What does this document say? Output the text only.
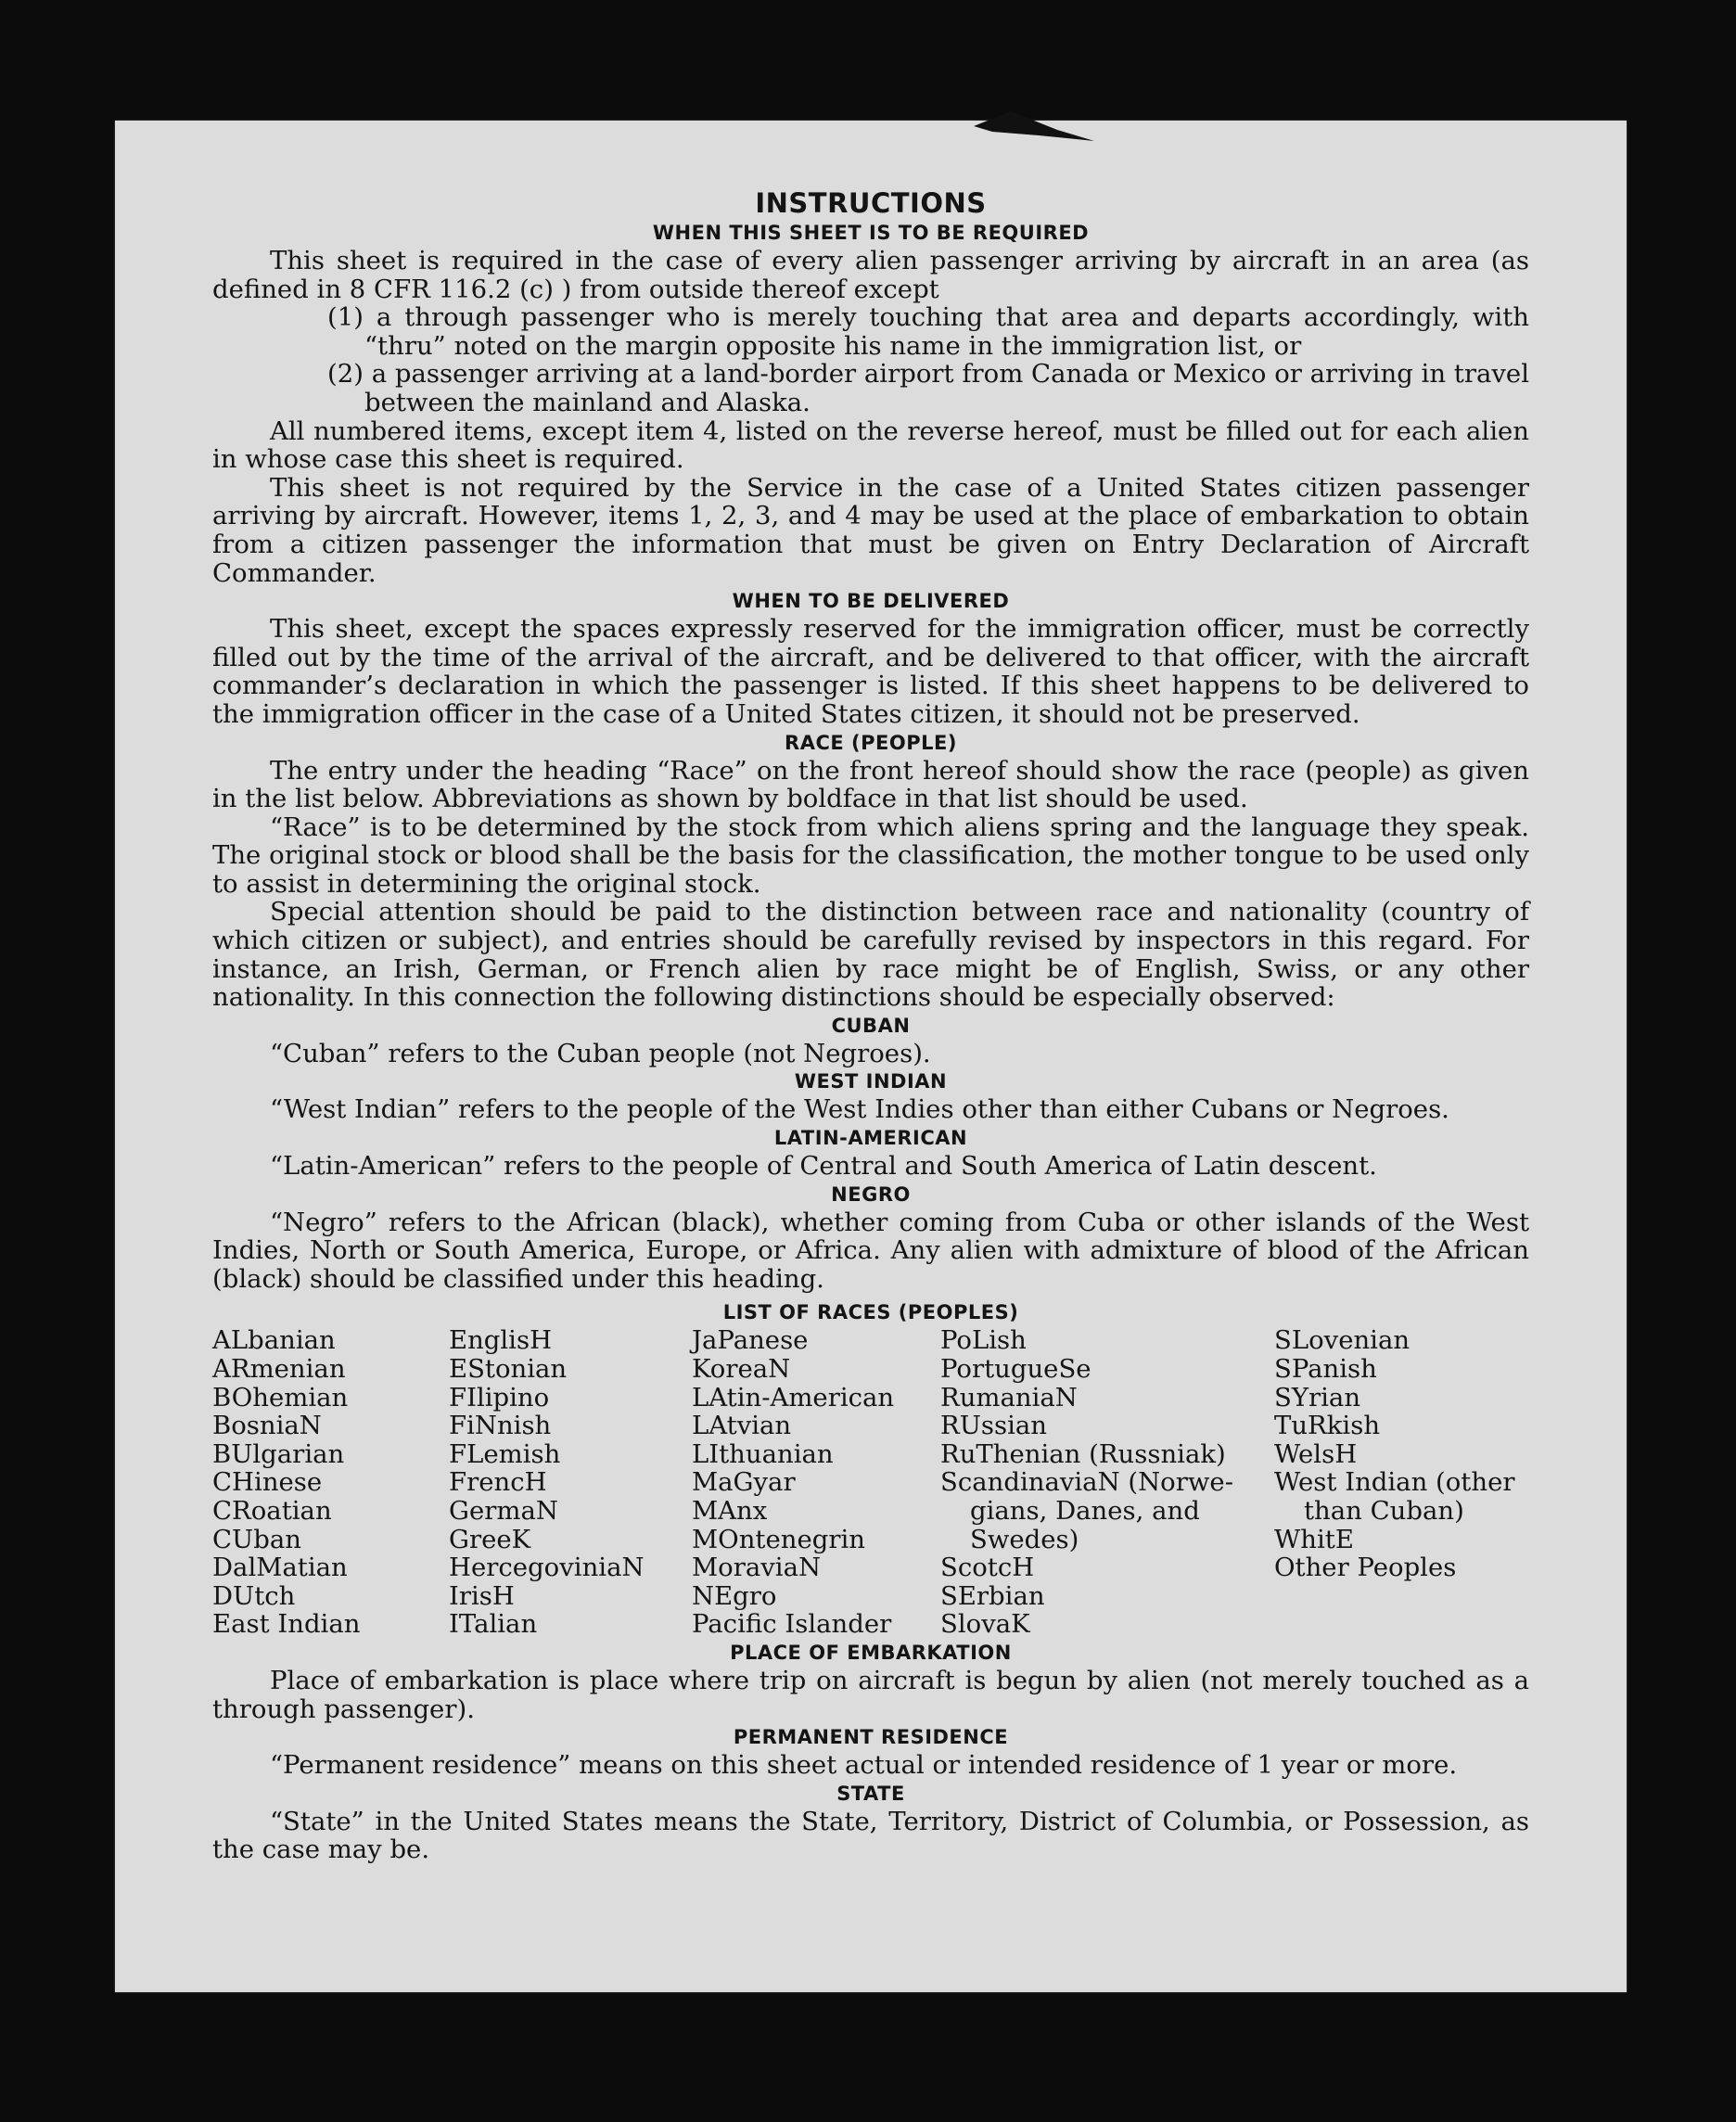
INSTRUCTIONS
WHEN THIS SHEET IS TO BE REQUIRED

This sheet is required in the case of every alien passenger arriving by aircraft in an area (as defined in 8 CFR 116.2 (c) ) from outside thereof except

(1) a through passenger who is merely touching that area and departs accordingly, with “thru” noted on the margin opposite his name in the immigration list, or

(2) a passenger arriving at a land-border airport from Canada or Mexico or arriving in travel between the mainland and Alaska.

All numbered items, except item 4, listed on the reverse hereof, must be filled out for each alien in whose case this sheet is required.

This sheet is not required by the Service in the case of a United States citizen passenger arriving by aircraft. However, items 1, 2, 3, and 4 may be used at the place of embarkation to obtain from a citizen passenger the information that must be given on Entry Declaration of Aircraft Commander.

WHEN TO BE DELIVERED

This sheet, except the spaces expressly reserved for the immigration officer, must be correctly filled out by the time of the arrival of the aircraft, and be delivered to that officer, with the aircraft commander’s declaration in which the passenger is listed. If this sheet happens to be delivered to the immigration officer in the case of a United States citizen, it should not be preserved.

RACE (PEOPLE)

The entry under the heading “Race” on the front hereof should show the race (people) as given in the list below. Abbreviations as shown by boldface in that list should be used.

“Race” is to be determined by the stock from which aliens spring and the language they speak. The original stock or blood shall be the basis for the classification, the mother tongue to be used only to assist in determining the original stock.

Special attention should be paid to the distinction between race and nationality (country of which citizen or subject), and entries should be carefully revised by inspectors in this regard. For instance, an Irish, German, or French alien by race might be of English, Swiss, or any other nationality. In this connection the following distinctions should be especially observed:

CUBAN

“Cuban” refers to the Cuban people (not Negroes).

WEST INDIAN

“West Indian” refers to the people of the West Indies other than either Cubans or Negroes.

LATIN-AMERICAN

“Latin-American” refers to the people of Central and South America of Latin descent.

NEGRO

“Negro” refers to the African (black), whether coming from Cuba or other islands of the West Indies, North or South America, Europe, or Africa. Any alien with admixture of blood of the African (black) should be classified under this heading.

LIST OF RACES (PEOPLES)
ALbanian
ARmenian
BOhemian
BosniaN
BUlgarian
CHinese
CRoatian
CUban
DalMatian
DUtch
East Indian
EnglisH
EStonian
FIlipino
FiNnish
FLemish
FrencH
GermaN
GreeK
HercegoviniaN
IrisH
ITalian
JaPanese
KoreaN
LAtin-American
LAtvian
LIthuanian
MaGyar
MAnx
MOntenegrin
MoraviaN
NEgro
Pacific Islander
PoLish
PortugueSe
RumaniaN
RUssian
RuThenian (Russniak)
ScandinaviaN (Norwe-
gians, Danes, and
Swedes)
ScotcH
SErbian
SlovaK
SLovenian
SPanish
SYrian
TuRkish
WelsH
West Indian (other
than Cuban)
WhitE
Other Peoples
PLACE OF EMBARKATION

Place of embarkation is place where trip on aircraft is begun by alien (not merely touched as a through passenger).

PERMANENT RESIDENCE

“Permanent residence” means on this sheet actual or intended residence of 1 year or more.

STATE

“State” in the United States means the State, Territory, District of Columbia, or Possession, as the case may be.
